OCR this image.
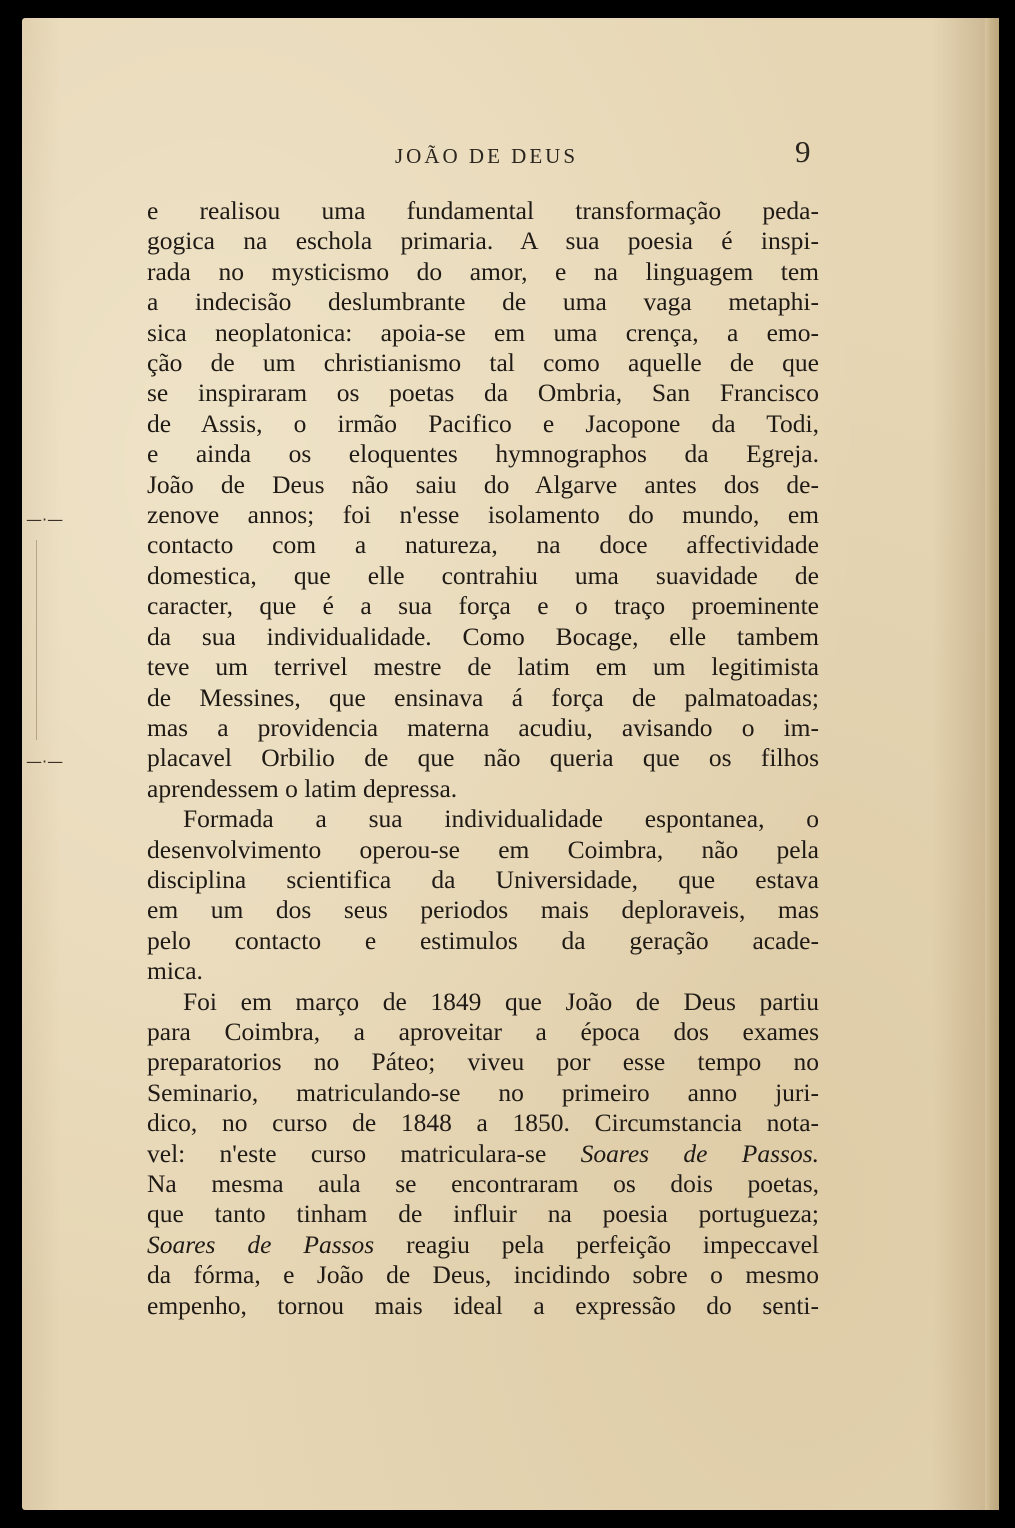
—·—
—·—
JOÃO DE DEUS	9
e realisou uma fundamental transformação peda-
gogica na eschola primaria. A sua poesia é inspi-
rada no mysticismo do amor, e na linguagem tem
a indecisão deslumbrante de uma vaga metaphi-
sica neoplatonica: apoia-se em uma crença, a emo-
ção de um christianismo tal como aquelle de que
se inspiraram os poetas da Ombria, San Francisco
de Assis, o irmão Pacifico e Jacopone da Todi,
e ainda os eloquentes hymnographos da Egreja.
João de Deus não saiu do Algarve antes dos de-
zenove annos; foi n'esse isolamento do mundo, em
contacto com a natureza, na doce affectividade
domestica, que elle contrahiu uma suavidade de
caracter, que é a sua força e o traço proeminente
da sua individualidade. Como Bocage, elle tambem
teve um terrivel mestre de latim em um legitimista
de Messines, que ensinava á força de palmatoadas;
mas a providencia materna acudiu, avisando o im-
placavel Orbilio de que não queria que os filhos
aprendessem o latim depressa.
Formada a sua individualidade espontanea, o
desenvolvimento operou-se em Coimbra, não pela
disciplina scientifica da Universidade, que estava
em um dos seus periodos mais deploraveis, mas
pelo contacto e estimulos da geração acade-
mica.
Foi em março de 1849 que João de Deus partiu
para Coimbra, a aproveitar a época dos exames
preparatorios no Páteo; viveu por esse tempo no
Seminario, matriculando-se no primeiro anno juri-
dico, no curso de 1848 a 1850. Circumstancia nota-
vel: n'este curso matriculara-se Soares de Passos.
Na mesma aula se encontraram os dois poetas,
que tanto tinham de influir na poesia portugueza;
Soares de Passos reagiu pela perfeição impeccavel
da fórma, e João de Deus, incidindo sobre o mesmo
empenho, tornou mais ideal a expressão do senti-
